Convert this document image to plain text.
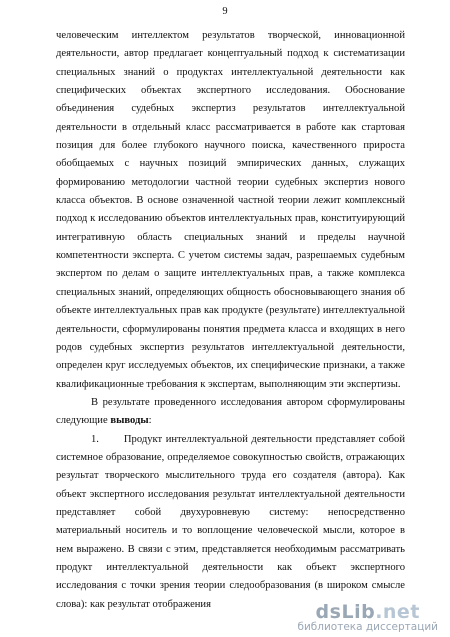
9

человеческим интеллектом результатов творческой, инновационной деятельности, автор предлагает концептуальный подход к систематизации специальных знаний о продуктах интеллектуальной деятельности как специфических объектах экспертного исследования. Обоснование объединения судебных экспертиз результатов интеллектуальной деятельности в отдельный класс рассматривается в работе как стартовая позиция для более глубокого научного поиска, качественного прироста обобщаемых с научных позиций эмпирических данных, служащих формированию методологии частной теории судебных экспертиз нового класса объектов. В основе означенной частной теории лежит комплексный подход к исследованию объектов интеллектуальных прав, конституирующий интегративную область специальных знаний и пределы научной компетентности эксперта. С учетом системы задач, разрешаемых судебным экспертом по делам о защите интеллектуальных прав, а также комплекса специальных знаний, определяющих общность обосновывающего знания об объекте интеллектуальных прав как продукте (результате) интеллектуальной деятельности, сформулированы понятия предмета класса и входящих в него родов судебных экспертиз результатов интеллектуальной деятельности, определен круг исследуемых объектов, их специфические признаки, а также квалификационные требования к экспертам, выполняющим эти экспертизы.

В результате проведенного исследования автором сформулированы следующие выводы:

1.       Продукт интеллектуальной деятельности представляет собой системное образование, определяемое совокупностью свойств, отражающих результат творческого мыслительного труда его создателя (автора). Как объект экспертного исследования результат интеллектуальной деятельности представляет собой двухуровневую систему: непосредственно материальный носитель и то воплощение человеческой мысли, которое в нем выражено. В связи с этим, представляется необходимым рассматривать продукт интеллектуальной деятельности как объект экспертного исследования с точки зрения теории следообразования (в широком смысле слова): как результат отображения	dsLib.net
библиотека диссертаций
